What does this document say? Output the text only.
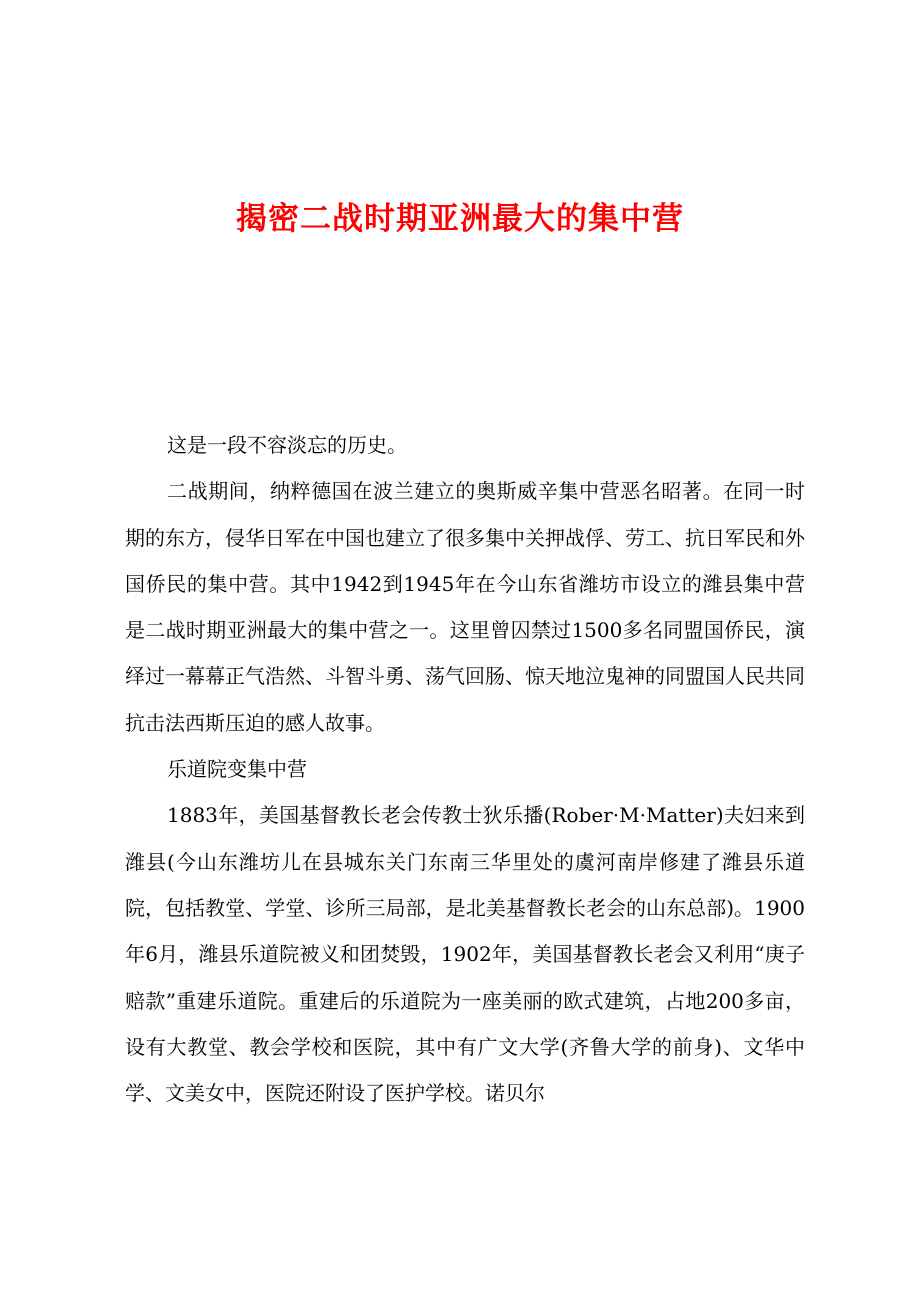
揭密二战时期亚洲最大的集中营

这是一段不容淡忘的历史。

二战期间，纳粹德国在波兰建立的奥斯威辛集中营恶名昭著。在同一时期的东方，侵华日军在中国也建立了很多集中关押战俘、劳工、抗日军民和外国侨民的集中营。其中1942到1945年在今山东省潍坊市设立的潍县集中营是二战时期亚洲最大的集中营之一。这里曾囚禁过1500多名同盟国侨民，演绎过一幕幕正气浩然、斗智斗勇、荡气回肠、惊天地泣鬼神的同盟国人民共同抗击法西斯压迫的感人故事。

乐道院变集中营

1883年，美国基督教长老会传教士狄乐播(Rober·M·Matter)夫妇来到潍县(今山东潍坊儿在县城东关门东南三华里处的虞河南岸修建了潍县乐道院，包括教堂、学堂、诊所三局部，是北美基督教长老会的山东总部)。1900年6月，潍县乐道院被义和团焚毁，1902年，美国基督教长老会又利用“庚子赔款”重建乐道院。重建后的乐道院为一座美丽的欧式建筑，占地200多亩，设有大教堂、教会学校和医院，其中有广文大学(齐鲁大学的前身)、文华中学、文美女中，医院还附设了医护学校。诺贝尔
